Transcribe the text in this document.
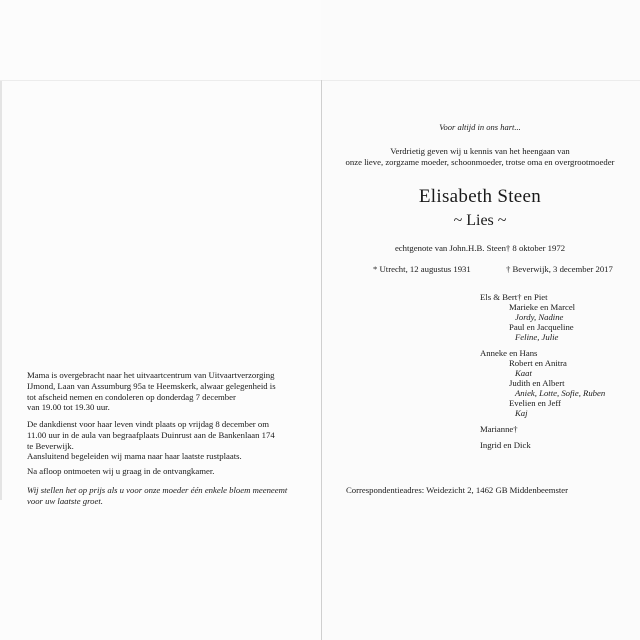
Mama is overgebracht naar het uitvaartcentrum van Uitvaartverzorging

IJmond, Laan van Assumburg 95a te Heemskerk, alwaar gelegenheid is

tot afscheid nemen en condoleren op donderdag 7 december

van 19.00 tot 19.30 uur.

De dankdienst voor haar leven vindt plaats op vrijdag 8 december om

11.00 uur in de aula van begraafplaats Duinrust aan de Bankenlaan 174

te Beverwijk.

Aansluitend begeleiden wij mama naar haar laatste rustplaats.

Na afloop ontmoeten wij u graag in de ontvangkamer.

Wij stellen het op prijs als u voor onze moeder één enkele bloem meeneemt

voor uw laatste groet.

Voor altijd in ons hart...
Verdrietig geven wij u kennis van het heengaan van
onze lieve, zorgzame moeder, schoonmoeder, trotse oma en overgrootmoeder
Elisabeth Steen
~ Lies ~
echtgenote van John.H.B. Steen† 8 oktober 1972
* Utrecht, 12 augustus 1931	† Beverwijk, 3 december 2017
Els & Bert† en Piet
Marieke en Marcel
Jordy, Nadine
Paul en Jacqueline
Feline, Julie
Anneke en Hans
Robert en Anitra
Kaat
Judith en Albert
Aniek, Lotte, Sofie, Ruben
Evelien en Jeff
Kaj
Marianne†
Ingrid en Dick
Correspondentieadres: Weidezicht 2, 1462 GB Middenbeemster
